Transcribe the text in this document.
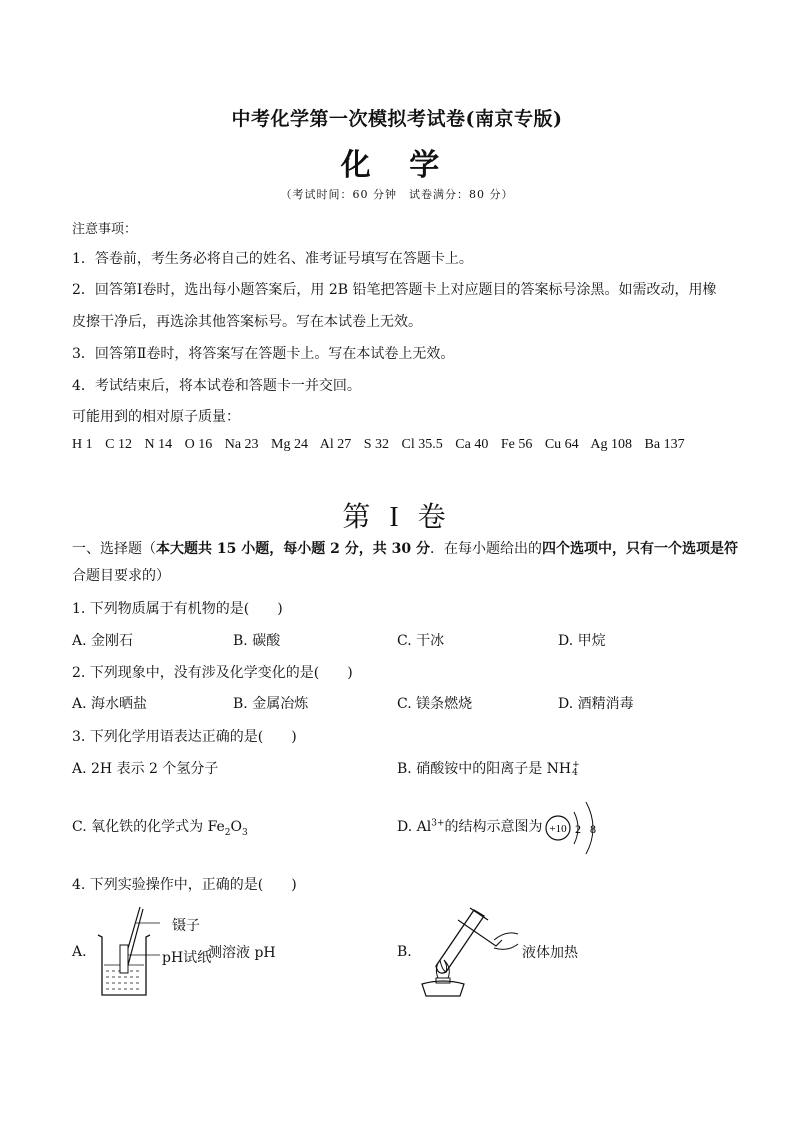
中考化学第一次模拟考试卷(南京专版)
化 学
（考试时间：60 分钟　试卷满分：80 分）
注意事项：
1．答卷前，考生务必将自己的姓名、准考证号填写在答题卡上。
2．回答第Ⅰ卷时，选出每小题答案后，用 2B 铅笔把答题卡上对应题目的答案标号涂黑。如需改动，用橡
皮擦干净后，再选涂其他答案标号。写在本试卷上无效。
3．回答第Ⅱ卷时，将答案写在答题卡上。写在本试卷上无效。
4．考试结束后，将本试卷和答题卡一并交回。
可能用到的相对原子质量：
H 1 C 12 N 14 O 16 Na 23 Mg 24 Al 27 S 32 Cl 35.5 Ca 40 Fe 56 Cu 64 Ag 108 Ba 137
第 I 卷
一、选择题（本大题共 15 小题，每小题 2 分，共 30 分．在每小题给出的四个选项中，只有一个选项是符
合题目要求的）
1. 下列物质属于有机物的是(　　)
A. 金刚石	B. 碳酸	C. 干冰	D. 甲烷
2. 下列现象中，没有涉及化学变化的是(　　)
A. 海水晒盐	B. 金属冶炼	C. 镁条燃烧	D. 酒精消毒
3. 下列化学用语表达正确的是(　　)
A. 2H 表示 2 个氢分子	B. 硝酸铵中的阳离子是 NH +
4
C. 氧化铁的化学式为 $Fe_2O_3$	D. $Al^{3+}$的结构示意图为 +10 2 8
4. 下列实验操作中，正确的是(　　)
A.
镊子
pH试纸
测溶液 pH	B.	液体加热
